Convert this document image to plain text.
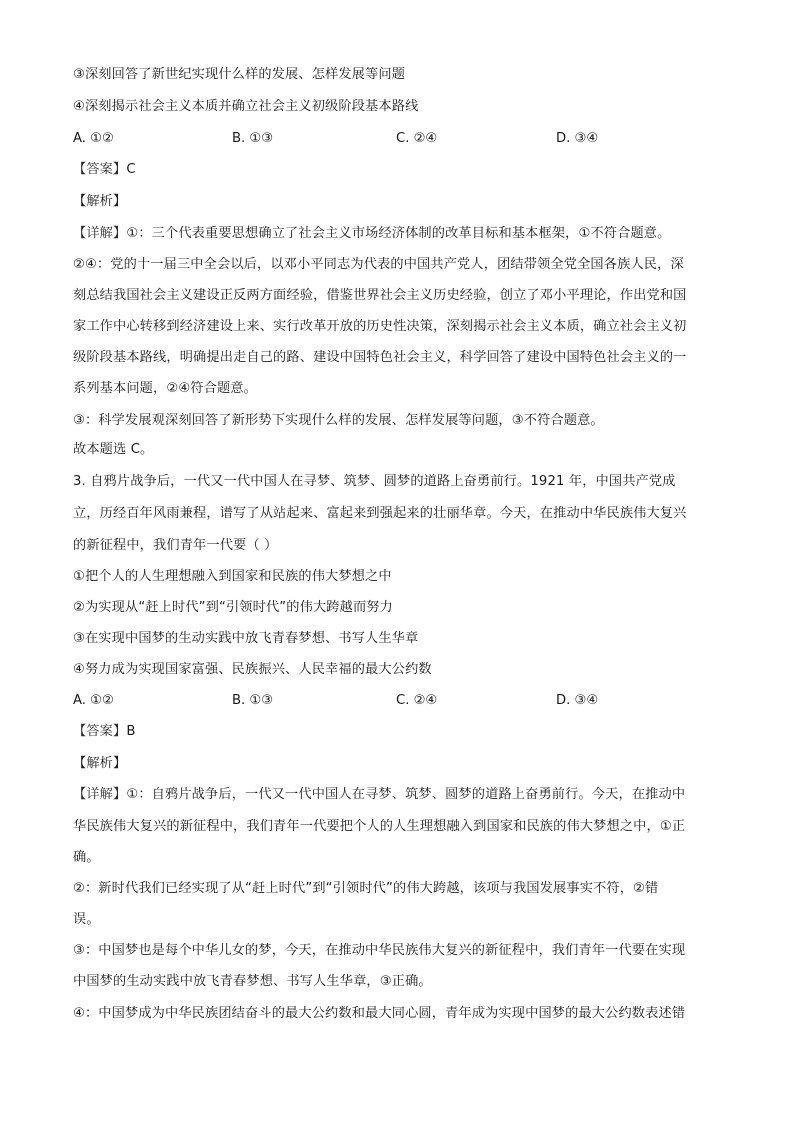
③深刻回答了新世纪实现什么样的发展、怎样发展等问题
④深刻揭示社会主义本质并确立社会主义初级阶段基本路线
A. ①②	B. ①③	C. ②④	D. ③④
【答案】C
【解析】
【详解】①：三个代表重要思想确立了社会主义市场经济体制的改革目标和基本框架，①不符合题意。
②④：党的十一届三中全会以后，以邓小平同志为代表的中国共产党人，团结带领全党全国各族人民，深
刻总结我国社会主义建设正反两方面经验，借鉴世界社会主义历史经验，创立了邓小平理论，作出党和国
家工作中心转移到经济建设上来、实行改革开放的历史性决策，深刻揭示社会主义本质，确立社会主义初
级阶段基本路线，明确提出走自己的路、建设中国特色社会主义，科学回答了建设中国特色社会主义的一
系列基本问题，②④符合题意。
③：科学发展观深刻回答了新形势下实现什么样的发展、怎样发展等问题，③不符合题意。
故本题选 C。
3. 自鸦片战争后，一代又一代中国人在寻梦、筑梦、圆梦的道路上奋勇前行。1921 年，中国共产党成
立，历经百年风雨兼程，谱写了从站起来、富起来到强起来的壮丽华章。今天，在推动中华民族伟大复兴
的新征程中，我们青年一代要（ ）
①把个人的人生理想融入到国家和民族的伟大梦想之中
②为实现从“赶上时代”到“引领时代”的伟大跨越而努力
③在实现中国梦的生动实践中放飞青春梦想、书写人生华章
④努力成为实现国家富强、民族振兴、人民幸福的最大公约数
A. ①②	B. ①③	C. ②④	D. ③④
【答案】B
【解析】
【详解】①：自鸦片战争后，一代又一代中国人在寻梦、筑梦、圆梦的道路上奋勇前行。今天，在推动中
华民族伟大复兴的新征程中，我们青年一代要把个人的人生理想融入到国家和民族的伟大梦想之中，①正
确。
②：新时代我们已经实现了从“赶上时代”到“引领时代”的伟大跨越，该项与我国发展事实不符，②错
误。
③：中国梦也是每个中华儿女的梦，今天，在推动中华民族伟大复兴的新征程中，我们青年一代要在实现
中国梦的生动实践中放飞青春梦想、书写人生华章，③正确。
④：中国梦成为中华民族团结奋斗的最大公约数和最大同心圆，青年成为实现中国梦的最大公约数表述错
